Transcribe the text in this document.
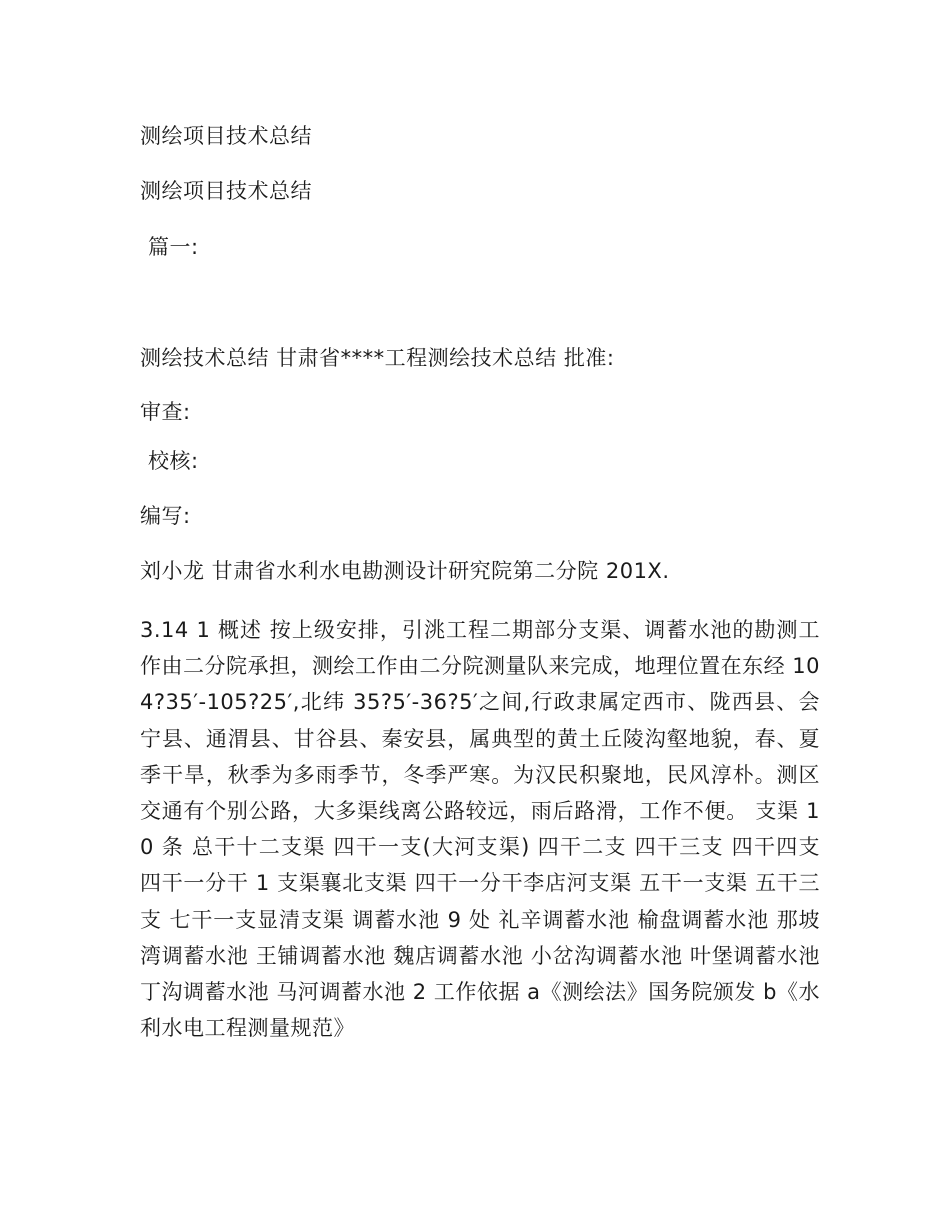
测绘项目技术总结
测绘项目技术总结
篇一:
测绘技术总结 甘肃省****工程测绘技术总结 批准:
审查:
校核:
编写:
刘小龙 甘肃省水利水电勘测设计研究院第二分院 201X.

3.14 1 概述 按上级安排，引洮工程二期部分支渠、调蓄水池的勘测工作由二分院承担，测绘工作由二分院测量队来完成，地理位置在东经 104?35′-105?25′,北纬 35?5′-36?5′之间,行政隶属定西市、陇西县、会宁县、通渭县、甘谷县、秦安县，属典型的黄土丘陵沟壑地貌，春、夏季干旱，秋季为多雨季节，冬季严寒。为汉民积聚地，民风淳朴。测区交通有个别公路，大多渠线离公路较远，雨后路滑，工作不便。 支渠 10 条 总干十二支渠 四干一支(大河支渠) 四干二支 四干三支 四干四支 四干一分干 1 支渠襄北支渠 四干一分干李店河支渠 五干一支渠 五干三支 七干一支显清支渠 调蓄水池 9 处 礼辛调蓄水池 榆盘调蓄水池 那坡湾调蓄水池 王铺调蓄水池 魏店调蓄水池 小岔沟调蓄水池 叶堡调蓄水池 丁沟调蓄水池 马河调蓄水池 2 工作依据 a《测绘法》国务院颁发 b《水利水电工程测量规范》
